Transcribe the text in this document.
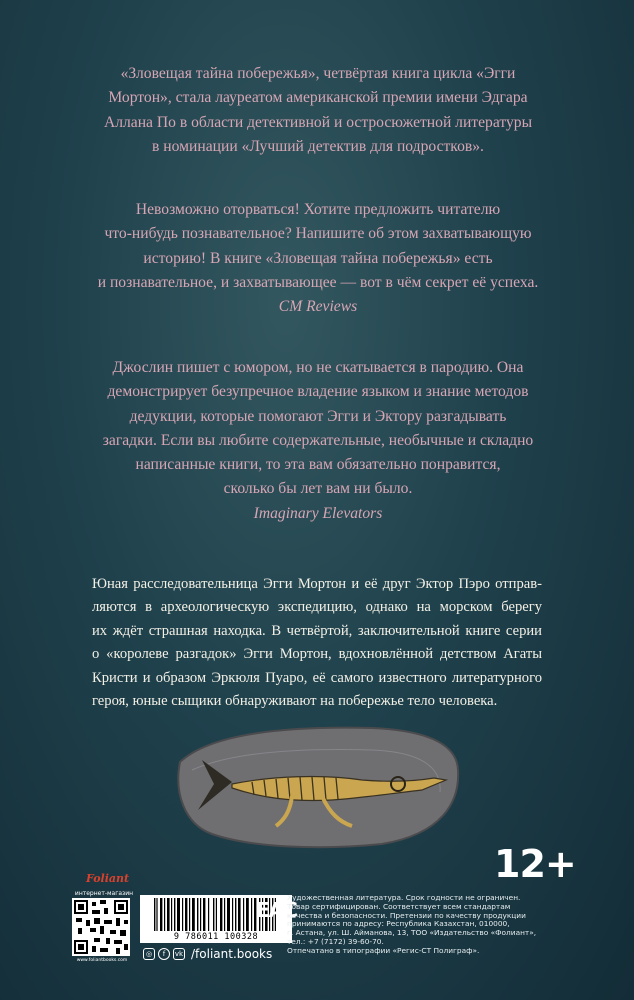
«Зловещая тайна побережья», четвёртая книга цикла «Эгги
Мортон», стала лауреатом американской премии имени Эдгара
Аллана По в области детективной и остросюжетной литературы
в номинации «Лучший детектив для подростков».

Невозможно оторваться! Хотите предложить читателю
что-нибудь познавательное? Напишите об этом захватывающую
историю! В книге «Зловещая тайна побережья» есть
и познавательное, и захватывающее — вот в чём секрет её успеха.
CM Reviews

Джослин пишет с юмором, но не скатывается в пародию. Она
демонстрирует безупречное владение языком и знание методов
дедукции, которые помогают Эгги и Эктору разгадывать
загадки. Если вы любите содержательные, необычные и складно
написанные книги, то эта вам обязательно понравится,
сколько бы лет вам ни было.
Imaginary Elevators

Юная расследовательница Эгги Мортон и её друг Эктор Пэро отправ-
ляются в археологическую экспедицию, однако на морском берегу
их ждёт страшная находка. В четвёртой, заключительной книге серии
о «королеве разгадок» Эгги Мортон, вдохновлённой детством Агаты
Кристи и образом Эркюля Пуаро, её самого известного литературного
героя, юные сыщики обнаруживают на побережье тело человека.

12+
Foliant
интернет-магазин
www.foliantbooks.com
9 786011 100328
◎	f	vk /foliant.books
ЕАС

Художественная литература. Срок годности не ограничен.
Товар сертифицирован. Соответствует всем стандартам
качества и безопасности. Претензии по качеству продукции
принимаются по адресу: Республика Казахстан, 010000,
г. Астана, ул. Ш. Айманова, 13, ТОО «Издательство «Фолиант»,
тел.: +7 (7172) 39-60-70.
Отпечатано в типографии «Регис-СТ Полиграф».
